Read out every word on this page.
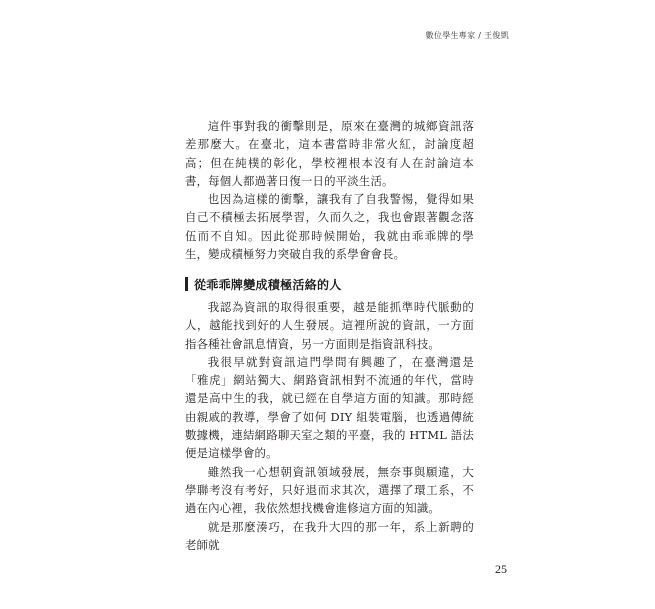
數位學生專家 / 王俊凱

這件事對我的衝擊則是，原來在臺灣的城鄉資訊落差那麼大。在臺北，這本書當時非常火紅，討論度超高；但在純樸的彰化，學校裡根本沒有人在討論這本書，每個人都過著日復一日的平淡生活。

也因為這樣的衝擊，讓我有了自我警惕，覺得如果自己不積極去拓展學習，久而久之，我也會跟著觀念落伍而不自知。因此從那時候開始，我就由乖乖牌的學生，變成積極努力突破自我的系學會會長。

從乖乖牌變成積極活絡的人

我認為資訊的取得很重要，越是能抓準時代脈動的人，越能找到好的人生發展。這裡所說的資訊，一方面指各種社會訊息情資，另一方面則是指資訊科技。

我很早就對資訊這門學問有興趣了，在臺灣還是「雅虎」網站獨大、網路資訊相對不流通的年代，當時還是高中生的我，就已經在自學這方面的知識。那時經由親戚的教導，學會了如何 DIY 組裝電腦，也透過傳統數據機，連結網路聊天室之類的平臺，我的 HTML 語法便是這樣學會的。

雖然我一心想朝資訊領域發展，無奈事與願違，大學聯考沒有考好，只好退而求其次，選擇了環工系，不過在內心裡，我依然想找機會進修這方面的知識。

就是那麼湊巧，在我升大四的那一年，系上新聘的老師就

25
